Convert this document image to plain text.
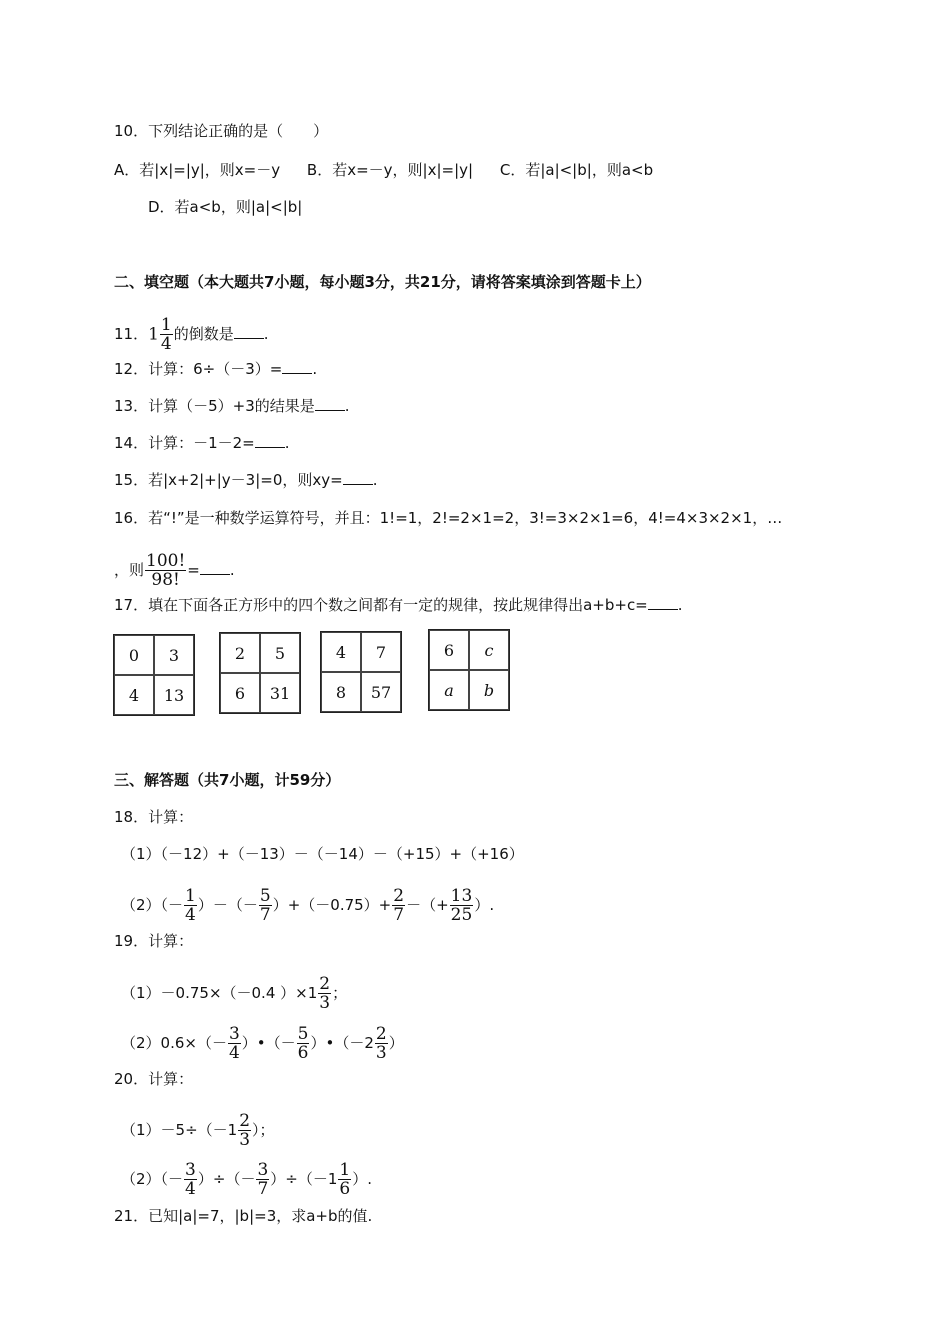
10．下列结论正确的是（　　）
A．若|x|=|y|，则x=－y B．若x=－y，则|x|=|y| C．若|a|<|b|，则a<b
D．若a<b，则|a|<|b|
二、填空题（本大题共7小题，每小题3分，共21分，请将答案填涂到答题卡上）
11．$1 \frac{1}{4}$ 的倒数是 .
12．计算：6÷（－3）= .
13．计算（－5）+3的结果是 .
14．计算：－1－2= .
15．若|x+2|+|y－3|=0，则xy= .
16．若“!”是一种数学运算符号，并且：1!=1，2!=2×1=2，3!=3×2×1=6，4!=4×3×2×1，…
，则 $\frac{100!}{98!}$ = .
17．填在下面各正方形中的四个数之间都有一定的规律，按此规律得出a+b+c= .
0	3
4	13
2	5
6	31
4	7
8	57
6	c
a	b
三、解答题（共7小题，计59分）
18．计算：
（1）（－12）+（－13）－（－14）－（+15）+（+16）
$(2)(- \frac{1}{4}$ ）－（－ $\frac{5}{7} )+(-0.75)+ \frac{2}{7}$ －（+ $\frac{13}{25}$ ）.
19．计算：
（1）－0.75×（－0.4 ）$\times 1 \frac{2}{3}$ ；
$(2)0.6\times(- \frac{3}{4}$ ）•（－ $\frac{5}{6}$ ）•（－2 $\frac{2}{3}$ ）
20．计算：
$(1)-5\div(-1 \frac{2}{3}$ ）；
$(2)(- \frac{3}{4}$ ）÷（－ $\frac{3}{7} )\div(-1 \frac{1}{6}$ ）.
21．已知|a|=7，|b|=3，求a+b的值.
